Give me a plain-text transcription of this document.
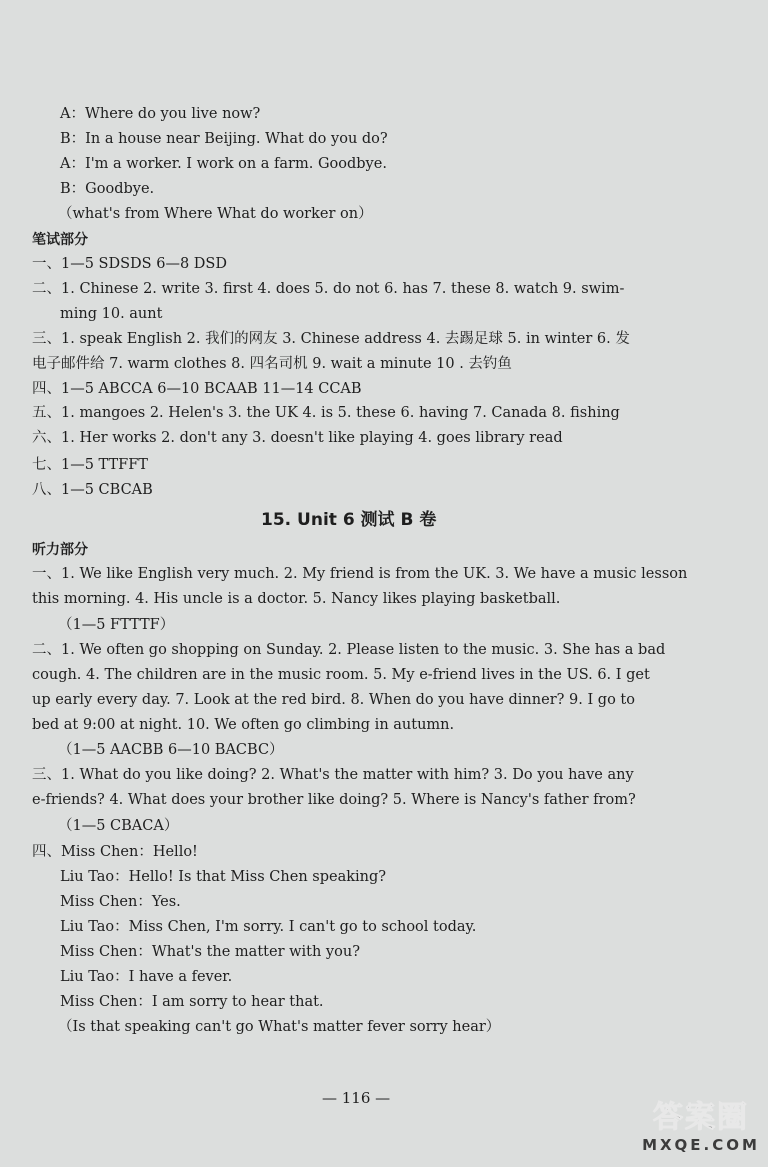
A：Where do you live now?
B：In a house near Beijing. What do you do?
A：I'm a worker. I work on a farm. Goodbye.
B：Goodbye.
（what's from Where What do worker on）
笔试部分
一、1—5 SDSDS 6—8 DSD
二、1. Chinese 2. write 3. first 4. does 5. do not 6. has 7. these 8. watch 9. swim-
ming 10. aunt
三、1. speak English 2. 我们的网友 3. Chinese address 4. 去踢足球 5. in winter 6. 发
电子邮件给 7. warm clothes 8. 四名司机 9. wait a minute 10 . 去钓鱼
四、1—5 ABCCA 6—10 BCAAB 11—14 CCAB
五、1. mangoes 2. Helen's 3. the UK 4. is 5. these 6. having 7. Canada 8. fishing
六、1. Her works 2. don't any 3. doesn't like playing 4. goes library read
七、1—5 TTFFT
八、1—5 CBCAB
15. Unit 6 测试 B 卷
听力部分
一、1. We like English very much. 2. My friend is from the UK. 3. We have a music lesson
this morning. 4. His uncle is a doctor. 5. Nancy likes playing basketball.
（1—5 FTTTF）
二、1. We often go shopping on Sunday. 2. Please listen to the music. 3. She has a bad
cough. 4. The children are in the music room. 5. My e-friend lives in the US. 6. I get
up early every day. 7. Look at the red bird. 8. When do you have dinner? 9. I go to
bed at 9:00 at night. 10. We often go climbing in autumn.
（1—5 AACBB 6—10 BACBC）
三、1. What do you like doing? 2. What's the matter with him? 3. Do you have any
e-friends? 4. What does your brother like doing? 5. Where is Nancy's father from?
（1—5 CBACA）
四、Miss Chen：Hello!
Liu Tao：Hello! Is that Miss Chen speaking?
Miss Chen：Yes.
Liu Tao：Miss Chen, I'm sorry. I can't go to school today.
Miss Chen：What's the matter with you?
Liu Tao：I have a fever.
Miss Chen：I am sorry to hear that.
（Is that speaking can't go What's matter fever sorry hear）
— 116 —
答案圈
MXQE.COM
